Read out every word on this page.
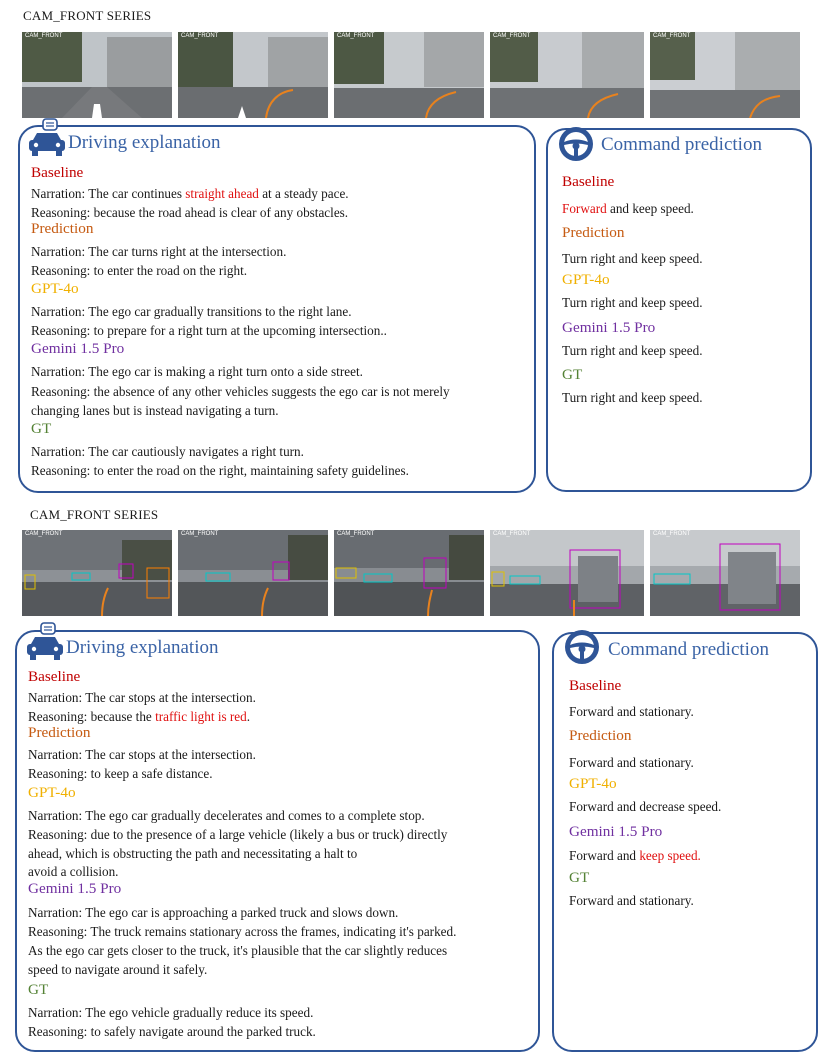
CAM_FRONT SERIES
CAM_FRONT	CAM_FRONT	CAM_FRONT	CAM_FRONT	CAM_FRONT
Driving explanation
Baseline
Narration: The car continues straight ahead at a steady pace.
Reasoning: because the road ahead is clear of any obstacles.
Prediction
Narration: The car turns right at the intersection.
Reasoning: to enter the road on the right.
GPT-4o
Narration: The ego car gradually transitions to the right lane.
Reasoning: to prepare for a right turn at the upcoming intersection..
Gemini 1.5 Pro
Narration: The ego car is making a right turn onto a side street.
Reasoning: the absence of any other vehicles suggests the ego car is not merely
changing lanes but is instead navigating a turn.
GT
Narration: The car cautiously navigates a right turn.
Reasoning: to enter the road on the right, maintaining safety guidelines.
Command prediction
Baseline
Forward and keep speed.
Prediction
Turn right and keep speed.
GPT-4o
Turn right and keep speed.
Gemini 1.5 Pro
Turn right and keep speed.
GT
Turn right and keep speed.
CAM_FRONT SERIES
CAM_FRONT	CAM_FRONT	CAM_FRONT	CAM_FRONT	CAM_FRONT
Driving explanation
Baseline
Narration: The car stops at the intersection.
Reasoning: because the traffic light is red.
Prediction
Narration: The car stops at the intersection.
Reasoning: to keep a safe distance.
GPT-4o
Narration: The ego car gradually decelerates and comes to a complete stop.
Reasoning: due to the presence of a large vehicle (likely a bus or truck) directly
ahead, which is obstructing the path and necessitating a halt to
avoid a collision.
Gemini 1.5 Pro
Narration: The ego car is approaching a parked truck and slows down.
Reasoning: The truck remains stationary across the frames, indicating it's parked.
As the ego car gets closer to the truck, it's plausible that the car slightly reduces
speed to navigate around it safely.
GT
Narration: The ego vehicle gradually reduce its speed.
Reasoning: to safely navigate around the parked truck.
Command prediction
Baseline
Forward and stationary.
Prediction
Forward and stationary.
GPT-4o
Forward and decrease speed.
Gemini 1.5 Pro
Forward and keep speed.
GT
Forward and stationary.
